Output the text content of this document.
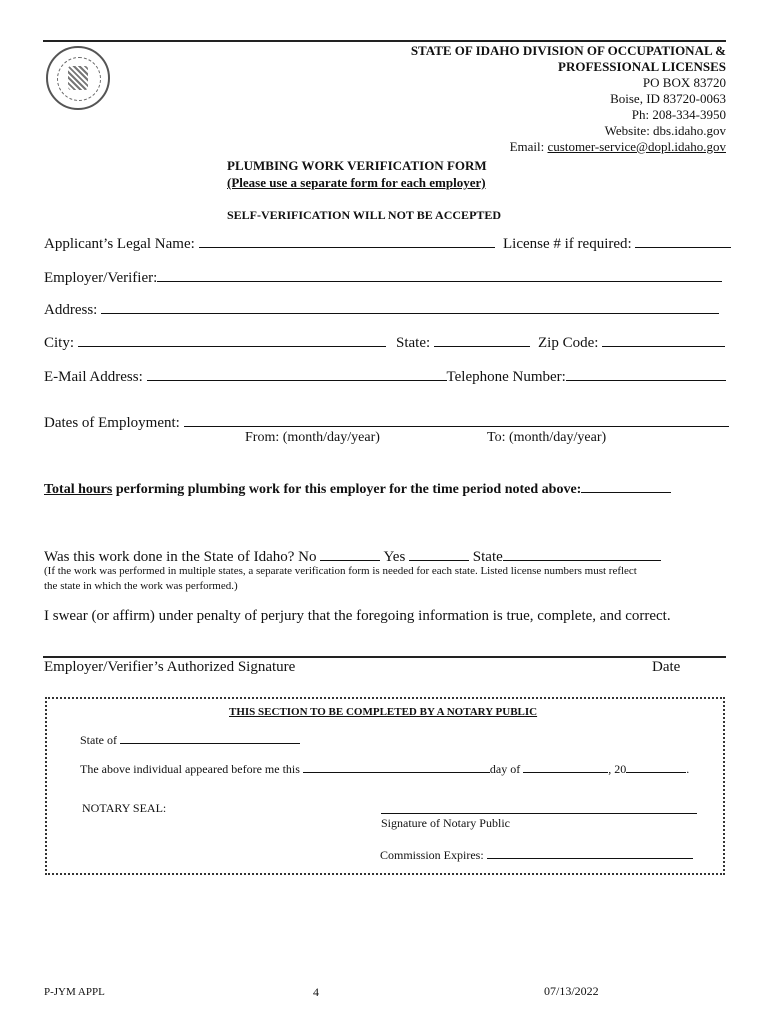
STATE OF IDAHO DIVISION OF OCCUPATIONAL &
PROFESSIONAL LICENSES
PO BOX 83720
Boise, ID 83720-0063
Ph: 208-334-3950
Website: dbs.idaho.gov
Email: customer-service@dopl.idaho.gov
PLUMBING WORK VERIFICATION FORM
(Please use a separate form for each employer)
SELF-VERIFICATION WILL NOT BE ACCEPTED
Applicant’s Legal Name:	License # if required:
Employer/Verifier:
Address:
City:	State:	Zip Code:
E-Mail Address:	Telephone Number:
Dates of Employment:
From: (month/day/year)	To: (month/day/year)
Total hours performing plumbing work for this employer for the time period noted above:
Was this work done in the State of Idaho? No	Yes	State
(If the work was performed in multiple states, a separate verification form is needed for each state. Listed license numbers must reflect
the state in which the work was performed.)
I swear (or affirm) under penalty of perjury that the foregoing information is true, complete, and correct.
Employer/Verifier’s Authorized Signature	Date
THIS SECTION TO BE COMPLETED BY A NOTARY PUBLIC
State of
The above individual appeared before me this	day of	, 20	.
NOTARY SEAL:
Signature of Notary Public
Commission Expires:
P-JYM APPL	4	07/13/2022
